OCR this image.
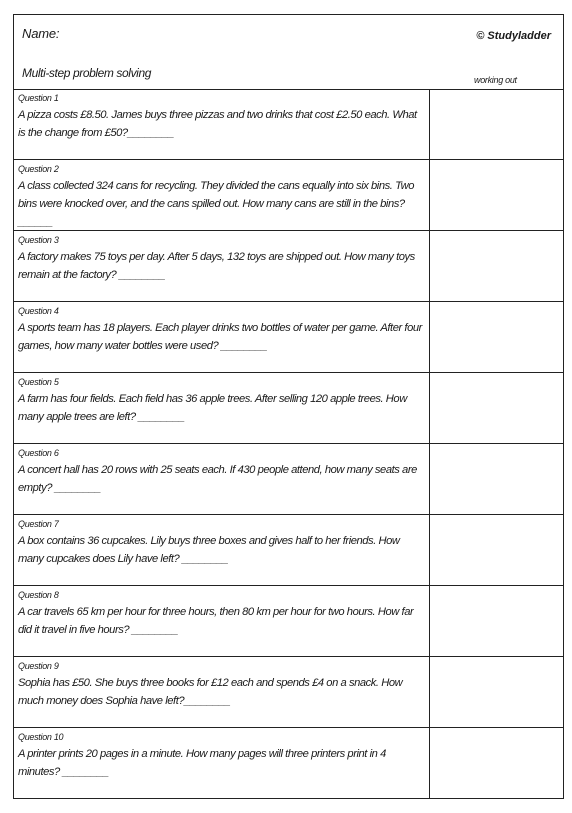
Name:	© Studyladder
Multi-step problem solving	working out
Question 1
A pizza costs £8.50. James buys three pizzas and two drinks that cost £2.50 each. What is the change from £50?________
Question 2
A class collected 324 cans for recycling. They divided the cans equally into six bins. Two bins were knocked over, and the cans spilled out. How many cans are still in the bins? ______
Question 3
A factory makes 75 toys per day. After 5 days, 132 toys are shipped out. How many toys remain at the factory? ________
Question 4
A sports team has 18 players. Each player drinks two bottles of water per game. After four games, how many water bottles were used? ________
Question 5
A farm has four fields. Each field has 36 apple trees. After selling 120 apple trees. How many apple trees are left? ________
Question 6
A concert hall has 20 rows with 25 seats each. If 430 people attend, how many seats are empty? ________
Question 7
A box contains 36 cupcakes. Lily buys three boxes and gives half to her friends. How many cupcakes does Lily have left? ________
Question 8
A car travels 65 km per hour for three hours, then 80 km per hour for two hours. How far did it travel in five hours? ________
Question 9
Sophia has £50. She buys three books for £12 each and spends £4 on a snack. How much money does Sophia have left?________
Question 10
A printer prints 20 pages in a minute. How many pages will three printers print in 4 minutes? ________
